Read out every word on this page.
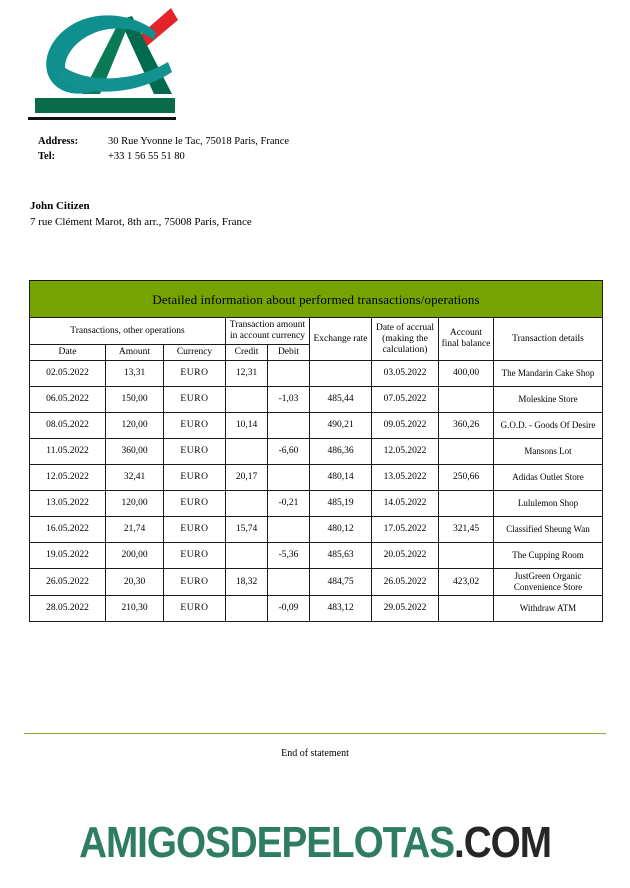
Address:	30 Rue Yvonne le Tac, 75018 Paris, France
Tel:	+33 1 56 55 51 80
John Citizen
7 rue Clément Marot, 8th arr., 75008 Paris, France
Detailed information about performed transactions/operations								
Transactions, other operations			Transaction amount in account currency		Exchange rate	Date of accrual (making the calculation)	Account final balance	Transaction details
Date	Amount	Currency	Credit	Debit				
02.05.2022	13,31	EURO	12,31			03.05.2022	400,00	The Mandarin Cake Shop
06.05.2022	150,00	EURO		-1,03	485,44	07.05.2022		Moleskine Store
08.05.2022	120,00	EURO	10,14		490,21	09.05.2022	360,26	G.O.D. - Goods Of Desire
11.05.2022	360,00	EURO		-6,60	486,36	12.05.2022		Mansons Lot
12.05.2022	32,41	EURO	20,17		480,14	13.05.2022	250,66	Adidas Outlet Store
13.05.2022	120,00	EURO		-0,21	485,19	14.05.2022		Lululemon Shop
16.05.2022	21,74	EURO	15,74		480,12	17.05.2022	321,45	Classified Sheung Wan
19.05.2022	200,00	EURO		-5,36	485,63	20.05.2022		The Cupping Room
26.05.2022	20,30	EURO	18,32		484,75	26.05.2022	423,02	JustGreen Organic Convenience Store
28.05.2022	210,30	EURO		-0,09	483,12	29.05.2022		Withdraw ATM
End of statement
AMIGOSDEPELOTAS.COM
